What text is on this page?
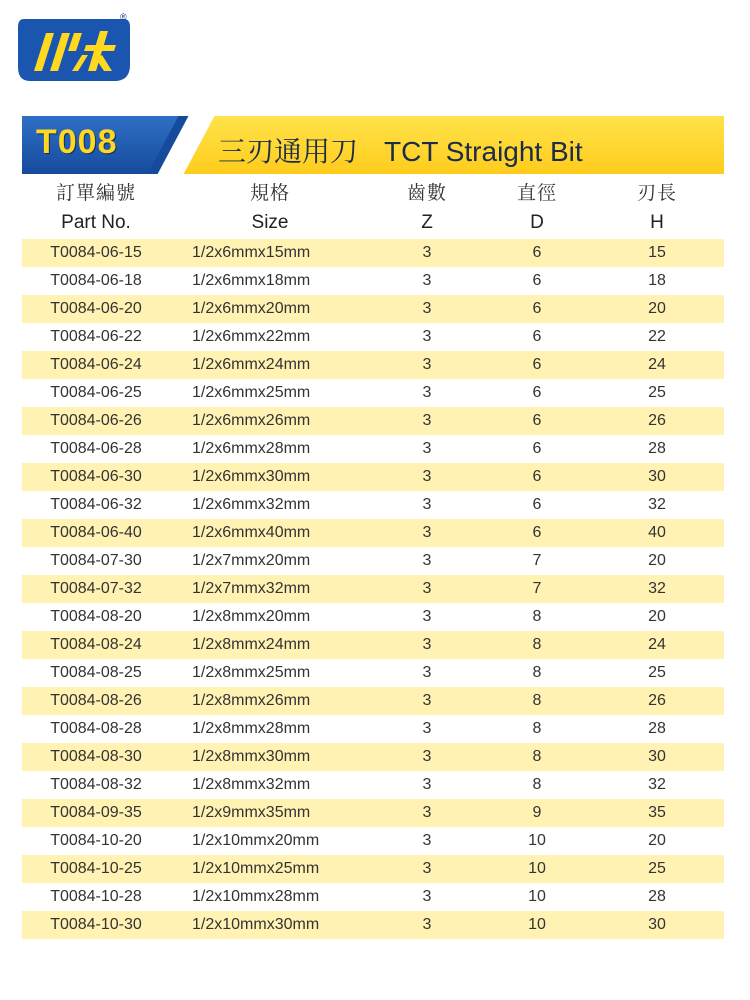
®
T008	三刃通用刀 TCT Straight Bit
訂單編號	規格	齒數	直徑	刃長
Part No.	Size	Z	D	H
T0084-06-15	1/2x6mmx15mm	3	6	15
T0084-06-18	1/2x6mmx18mm	3	6	18
T0084-06-20	1/2x6mmx20mm	3	6	20
T0084-06-22	1/2x6mmx22mm	3	6	22
T0084-06-24	1/2x6mmx24mm	3	6	24
T0084-06-25	1/2x6mmx25mm	3	6	25
T0084-06-26	1/2x6mmx26mm	3	6	26
T0084-06-28	1/2x6mmx28mm	3	6	28
T0084-06-30	1/2x6mmx30mm	3	6	30
T0084-06-32	1/2x6mmx32mm	3	6	32
T0084-06-40	1/2x6mmx40mm	3	6	40
T0084-07-30	1/2x7mmx20mm	3	7	20
T0084-07-32	1/2x7mmx32mm	3	7	32
T0084-08-20	1/2x8mmx20mm	3	8	20
T0084-08-24	1/2x8mmx24mm	3	8	24
T0084-08-25	1/2x8mmx25mm	3	8	25
T0084-08-26	1/2x8mmx26mm	3	8	26
T0084-08-28	1/2x8mmx28mm	3	8	28
T0084-08-30	1/2x8mmx30mm	3	8	30
T0084-08-32	1/2x8mmx32mm	3	8	32
T0084-09-35	1/2x9mmx35mm	3	9	35
T0084-10-20	1/2x10mmx20mm	3	10	20
T0084-10-25	1/2x10mmx25mm	3	10	25
T0084-10-28	1/2x10mmx28mm	3	10	28
T0084-10-30	1/2x10mmx30mm	3	10	30
